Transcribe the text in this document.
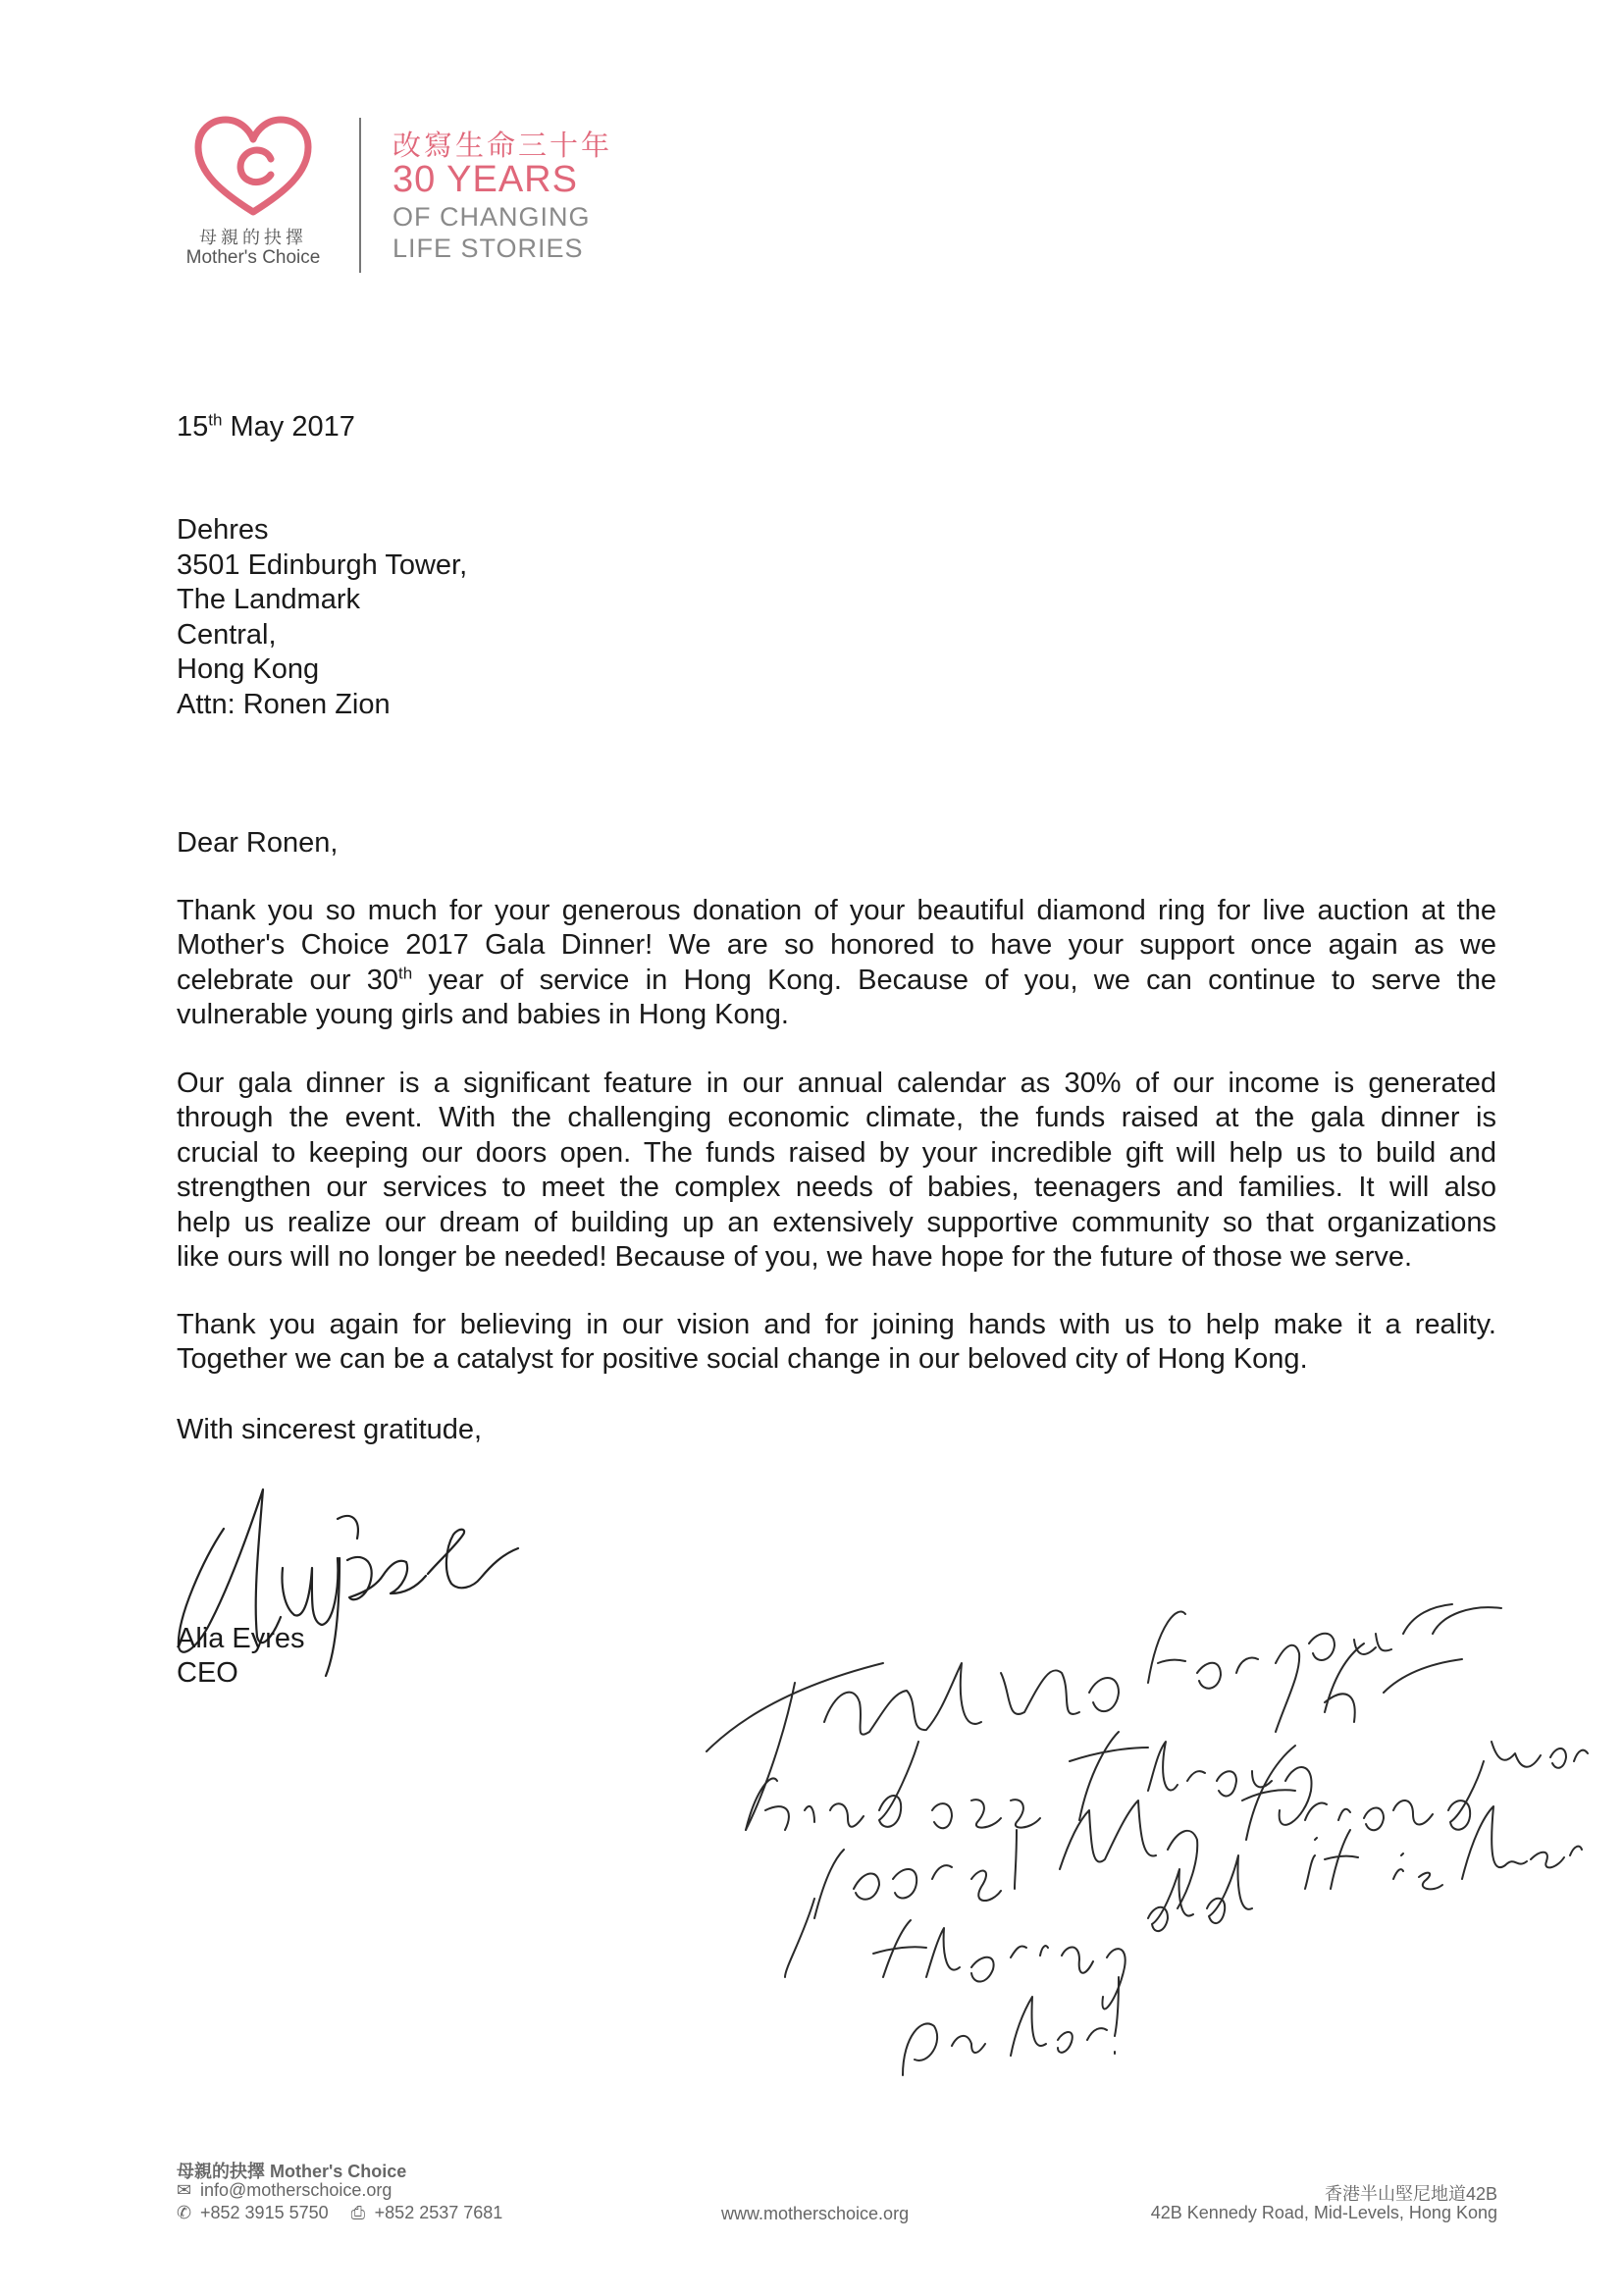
母親的抉擇
Mother's Choice
改寫生命三十年
30 YEARS
OF CHANGING
LIFE STORIES
15th May 2017
Dehres
3501 Edinburgh Tower,
The Landmark
Central,
Hong Kong
Attn: Ronen Zion
Dear Ronen,
Thank you so much for your generous donation of your beautiful diamond ring for live auction at the
Mother's Choice 2017 Gala Dinner! We are so honored to have your support once again as we
celebrate our 30th year of service in Hong Kong. Because of you, we can continue to serve the
vulnerable young girls and babies in Hong Kong.
Our gala dinner is a significant feature in our annual calendar as 30% of our income is generated
through the event. With the challenging economic climate, the funds raised at the gala dinner is
crucial to keeping our doors open. The funds raised by your incredible gift will help us to build and
strengthen our services to meet the complex needs of babies, teenagers and families. It will also
help us realize our dream of building up an extensively supportive community so that organizations
like ours will no longer be needed! Because of you, we have hope for the future of those we serve.
Thank you again for believing in our vision and for joining hands with us to help make it a reality.
Together we can be a catalyst for positive social change in our beloved city of Hong Kong.
With sincerest gratitude,
Alia Eyres
CEO
母親的抉擇 Mother's Choice
✉ info@motherschoice.org
✆ +852 3915 5750 ⎙ +852 2537 7681	www.motherschoice.org
香港半山堅尼地道42B
42B Kennedy Road, Mid-Levels, Hong Kong
